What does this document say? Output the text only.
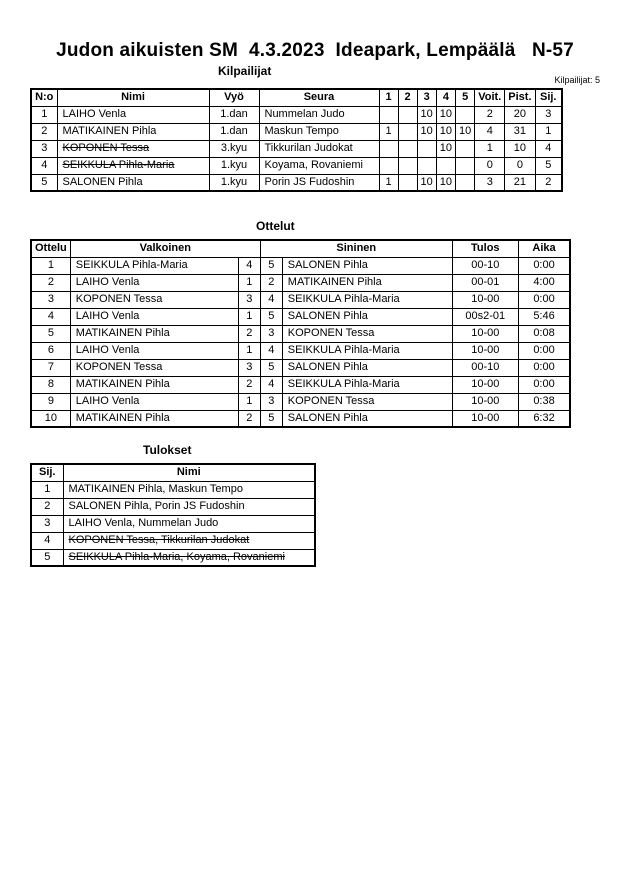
Judon aikuisten SM  4.3.2023  Ideapark, Lempäälä   N-57
Kilpailijat
Kilpailijat: 5
N:o	Nimi	Vyö	Seura	1	2	3	4	5	Voit.	Pist.	Sij.
1	LAIHO Venla	1.dan	Nummelan Judo			10	10		2	20	3
2	MATIKAINEN Pihla	1.dan	Maskun Tempo	1		10	10	10	4	31	1
3	KOPONEN Tessa	3.kyu	Tikkurilan Judokat				10		1	10	4
4	SEIKKULA Pihla-Maria	1.kyu	Koyama, Rovaniemi						0	0	5
5	SALONEN Pihla	1.kyu	Porin JS Fudoshin	1		10	10		3	21	2
Ottelut
Ottelu	Valkoinen		Sininen		Tulos	Aika
1	SEIKKULA Pihla-Maria	4	5	SALONEN Pihla	00-10	0:00
2	LAIHO Venla	1	2	MATIKAINEN Pihla	00-01	4:00
3	KOPONEN Tessa	3	4	SEIKKULA Pihla-Maria	10-00	0:00
4	LAIHO Venla	1	5	SALONEN Pihla	00s2-01	5:46
5	MATIKAINEN Pihla	2	3	KOPONEN Tessa	10-00	0:08
6	LAIHO Venla	1	4	SEIKKULA Pihla-Maria	10-00	0:00
7	KOPONEN Tessa	3	5	SALONEN Pihla	00-10	0:00
8	MATIKAINEN Pihla	2	4	SEIKKULA Pihla-Maria	10-00	0:00
9	LAIHO Venla	1	3	KOPONEN Tessa	10-00	0:38
10	MATIKAINEN Pihla	2	5	SALONEN Pihla	10-00	6:32
Tulokset
Sij.	Nimi
1	MATIKAINEN Pihla, Maskun Tempo
2	SALONEN Pihla, Porin JS Fudoshin
3	LAIHO Venla, Nummelan Judo
4	KOPONEN Tessa, Tikkurilan Judokat
5	SEIKKULA Pihla-Maria, Koyama, Rovaniemi
